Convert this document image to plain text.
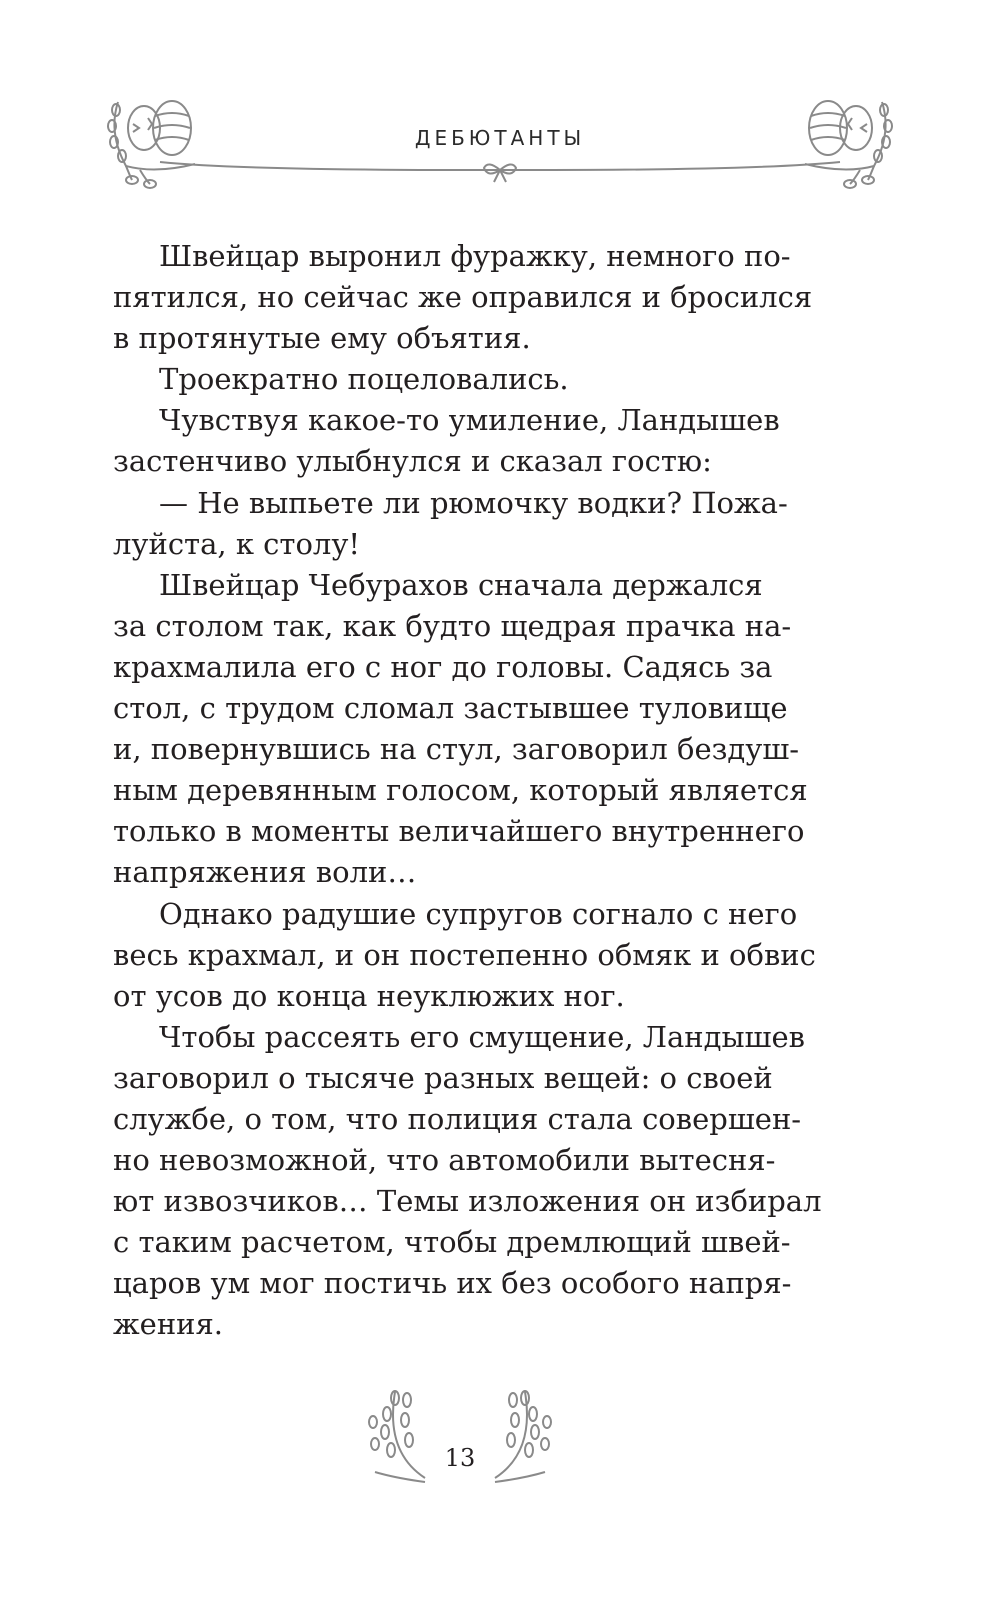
ДЕБЮТАНТЫ

Швейцар выронил фуражку, немного по-

пятился, но сейчас же оправился и бросился

в протянутые ему объятия.

Троекратно поцеловались.

Чувствуя какое-то умиление, Ландышев

застенчиво улыбнулся и сказал гостю:

— Не выпьете ли рюмочку водки? Пожа-

луйста, к столу!

Швейцар Чебурахов сначала держался

за столом так, как будто щедрая прачка на-

крахмалила его с ног до головы. Садясь за

стол, с трудом сломал застывшее туловище

и, повернувшись на стул, заговорил бездуш-

ным деревянным голосом, который является

только в моменты величайшего внутреннего

напряжения воли…

Однако радушие супругов согнало с него

весь крахмал, и он постепенно обмяк и обвис

от усов до конца неуклюжих ног.

Чтобы рассеять его смущение, Ландышев

заговорил о тысяче разных вещей: о своей

службе, о том, что полиция стала совершен-

но невозможной, что автомобили вытесня-

ют извозчиков… Темы изложения он избирал

с таким расчетом, чтобы дремлющий швей-

царов ум мог постичь их без особого напря-

жения.

13
